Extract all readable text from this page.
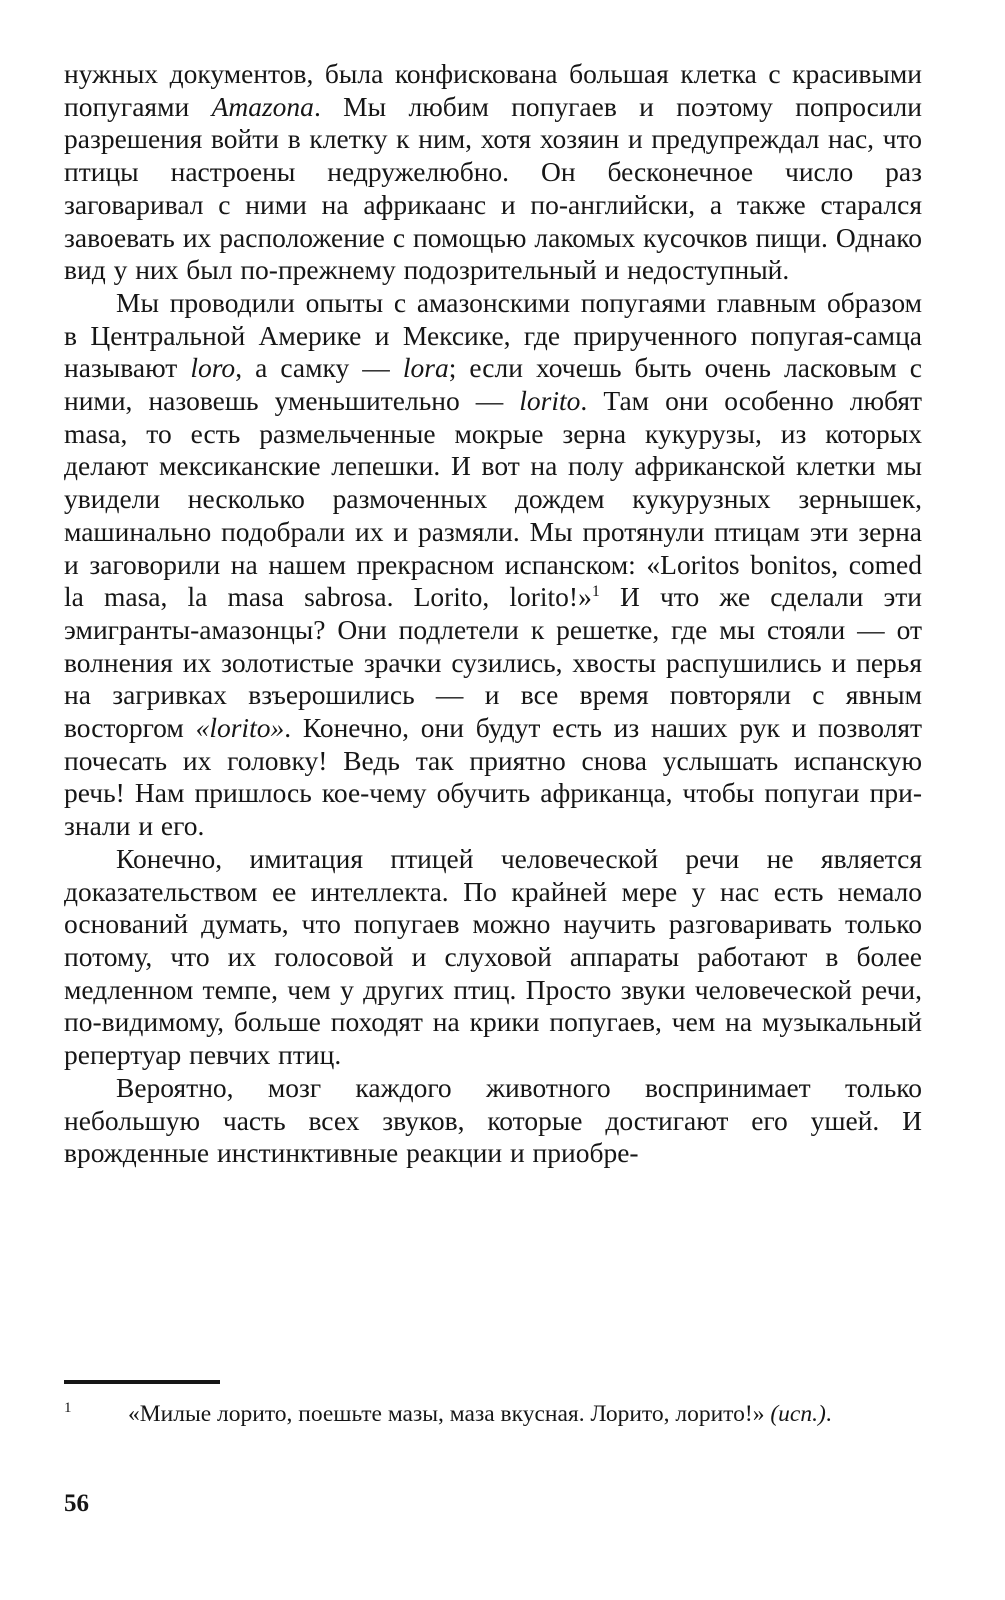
нужных документов, была конфискована большая клетка с красивыми попугаями Amazona. Мы любим попугаев и поэтому попросили разрешения войти в клетку к ним, хотя хозяин и предупреждал нас, что птицы настроены недружелюбно. Он бесконечное число раз заговаривал с ними на африкаанс и по-английски, а также старался завоевать их расположение с помощью лакомых кусочков пищи. Однако вид у них был по-прежнему подозрительный и недоступный.

Мы проводили опыты с амазонскими попугаями главным образом в Центральной Америке и Мексике, где прирученного попугая-самца называют loro, а самку — lora; если хочешь быть очень ласковым с ними, назовешь уменьшительно — lorito. Там они особенно любят masa, то есть размельченные мокрые зерна кукурузы, из которых делают мексиканские лепешки. И вот на полу африканской клетки мы увидели несколько размоченных дождем кукурузных зернышек, машинально подобрали их и размяли. Мы протянули птицам эти зерна и заговорили на нашем прекрасном испанском: «Loritos bonitos, comed la masa, la masa sabrosa. Lorito, lorito!»$^1$ И что же сделали эти эмигранты-амазонцы? Они подлетели к решетке, где мы стояли — от волнения их золотистые зрачки сузились, хвосты распушились и перья на загривках взъерошились — и все время повторяли с явным восторгом «lorito». Конечно, они будут есть из наших рук и позволят почесать их головку! Ведь так приятно снова услышать испанскую речь! Нам пришлось кое-чему обучить африканца, чтобы попугаи признали и его.

Конечно, имитация птицей человеческой речи не является доказательством ее интеллекта. По крайней мере у нас есть немало оснований думать, что попугаев можно научить разговаривать только потому, что их голосовой и слуховой аппараты работают в более медленном темпе, чем у других птиц. Просто звуки человеческой речи, по-видимому, больше походят на крики попугаев, чем на музыкальный репертуар певчих птиц.

Вероятно, мозг каждого животного воспринимает только небольшую часть всех звуков, которые достигают его ушей. И врожденные инстинктивные реакции и приобре-

1 «Милые лорито, поешьте мазы, маза вкусная. Лорито, лорито!» (исп.).
56
